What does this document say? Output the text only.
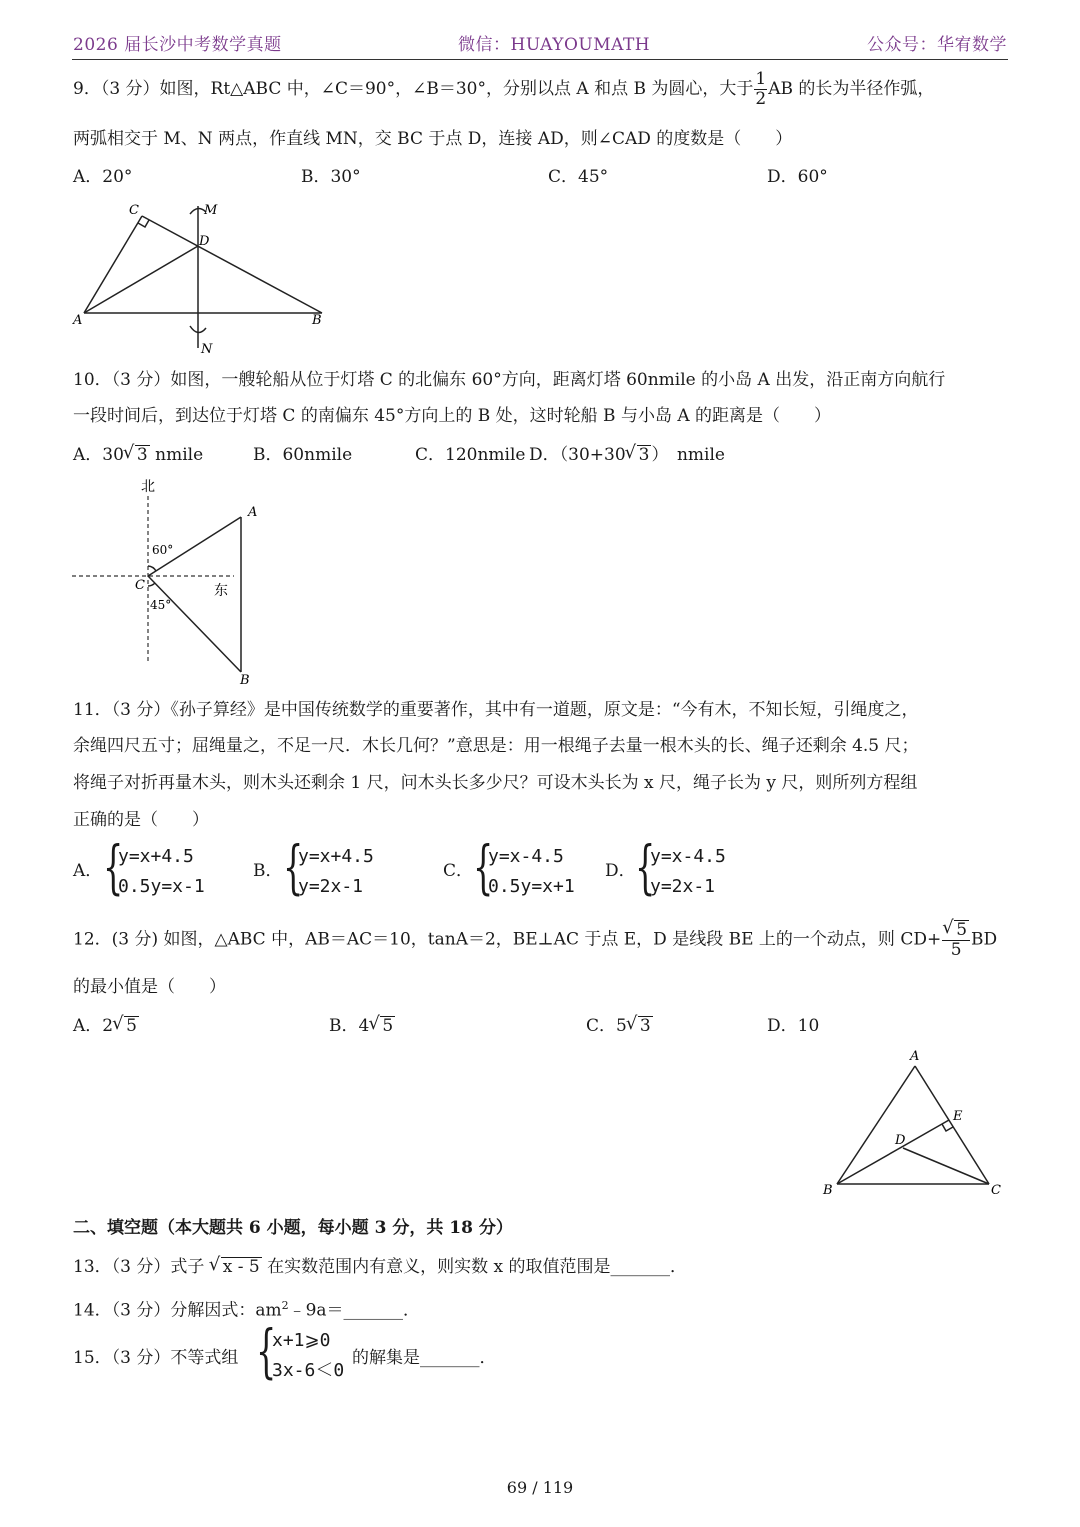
2026 届长沙中考数学真题	微信：HUAYOUMATH	公众号：华宥数学
9．（3 分）如图，Rt△ABC 中，∠C＝90°，∠B＝30°，分别以点 A 和点 B 为圆心，大于 $\frac{1}{2}$ AB 的长为半径作弧，
两弧相交于 M、N 两点，作直线 MN，交 BC 于点 D，连接 AD，则∠CAD 的度数是（　　）
A．20°	B．30°	C．45°	D．60°
C	M
D
A	B
N
10．（3 分）如图，一艘轮船从位于灯塔 C 的北偏东 60°方向，距离灯塔 60nmile 的小岛 A 出发，沿正南方向航行
一段时间后，到达位于灯塔 C 的南偏东 45°方向上的 B 处，这时轮船 B 与小岛 A 的距离是（　　）
A．30 √ 3 nmile	B．60nmile	C．120nmile D．（30+30 √ 3 ）　nmile
北
A
60°
C	东
45°
B
11．（3 分）《孙子算经》是中国传统数学的重要著作，其中有一道题，原文是：“今有木，不知长短，引绳度之，
余绳四尺五寸；屈绳量之，不足一尺．木长几何？”意思是：用一根绳子去量一根木头的长、绳子还剩余 4.5 尺；
将绳子对折再量木头，则木头还剩余 1 尺，问木头长多少尺？可设木头长为 x 尺，绳子长为 y 尺，则所列方程组
正确的是（　　）
A． {
y=x+4.5
0.5y=x-1
B． {
y=x+4.5
y=2x-1
C． {
y=x-4.5
0.5y=x+1
D． {
y=x-4.5
y=2x-1
12．(3 分) 如图，△ABC 中，AB＝AC＝10，tanA＝2，BE⊥AC 于点 E，D 是线段 BE 上的一个动点，则 CD+ √ $\frac{5}{5}$ BD
的最小值是（　　）
A．2 √ 5	B．4 √ 5	C．5 √ 3	D．10
A
E
D
B	C
二、填空题（本大题共 6 小题，每小题 3 分，共 18 分）
13．（3 分）式子 √ x - 5 在实数范围内有意义，则实数 x 的取值范围是_______．
14．（3 分）分解因式：$am^2﹣9a=\_\_\_\_\_\_\_$．
15．（3 分）不等式组 {
x+1⩾0
3x-6＜0
的解集是_______．
69 / 119
